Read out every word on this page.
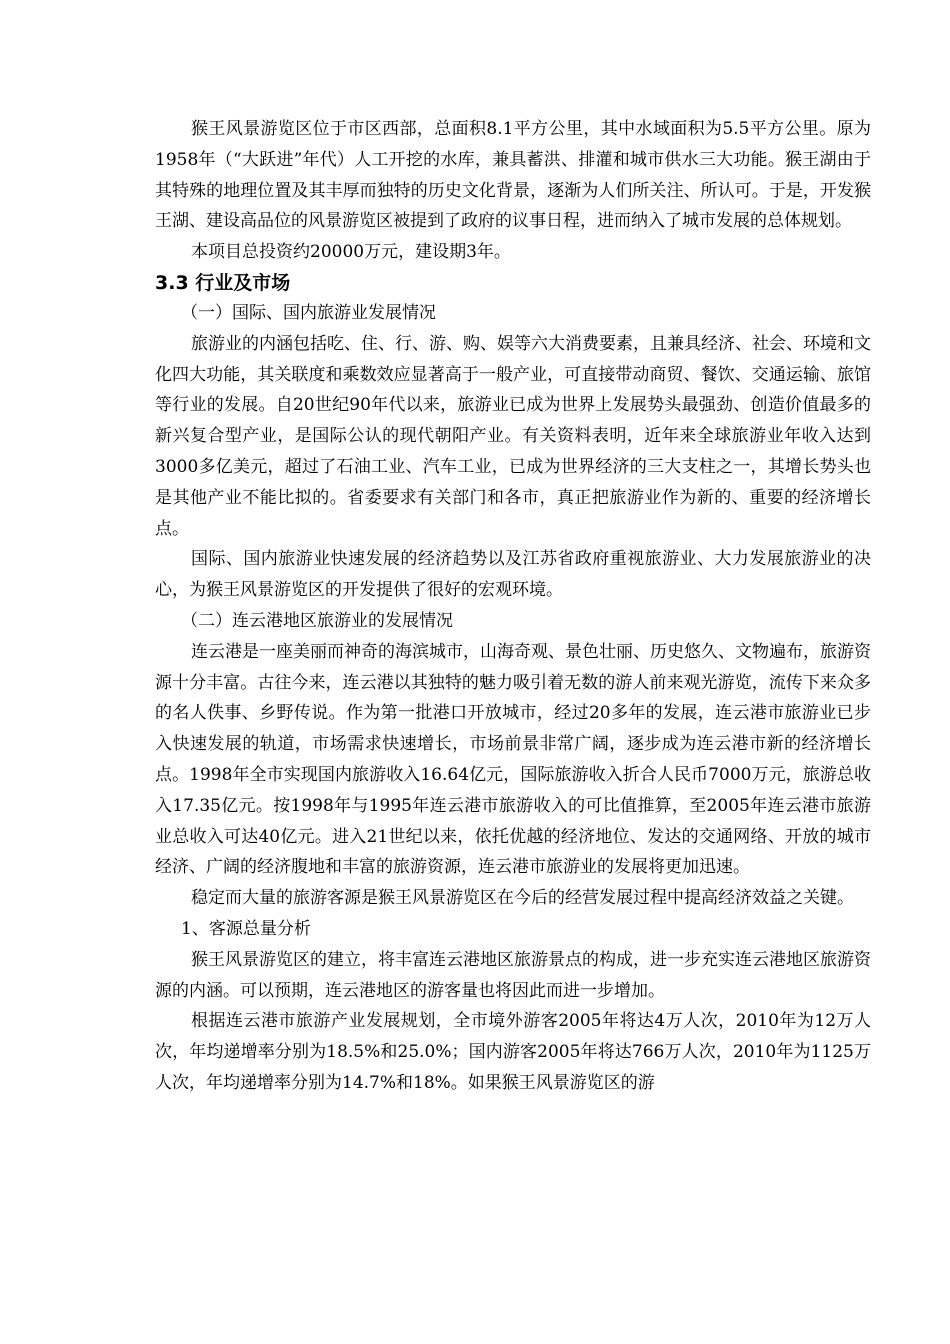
猴王风景游览区位于市区西部，总面积8.1平方公里，其中水域面积为5.5平方公里。原为1958年（“大跃进”年代）人工开挖的水库，兼具蓄洪、排灌和城市供水三大功能。猴王湖由于其特殊的地理位置及其丰厚而独特的历史文化背景，逐渐为人们所关注、所认可。于是，开发猴王湖、建设高品位的风景游览区被提到了政府的议事日程，进而纳入了城市发展的总体规划。

本项目总投资约20000万元，建设期3年。

3.3 行业及市场

（一）国际、国内旅游业发展情况

旅游业的内涵包括吃、住、行、游、购、娱等六大消费要素，且兼具经济、社会、环境和文化四大功能，其关联度和乘数效应显著高于一般产业，可直接带动商贸、餐饮、交通运输、旅馆等行业的发展。自20世纪90年代以来，旅游业已成为世界上发展势头最强劲、创造价值最多的新兴复合型产业，是国际公认的现代朝阳产业。有关资料表明，近年来全球旅游业年收入达到3000多亿美元，超过了石油工业、汽车工业，已成为世界经济的三大支柱之一，其增长势头也是其他产业不能比拟的。省委要求有关部门和各市，真正把旅游业作为新的、重要的经济增长点。

国际、国内旅游业快速发展的经济趋势以及江苏省政府重视旅游业、大力发展旅游业的决心，为猴王风景游览区的开发提供了很好的宏观环境。

（二）连云港地区旅游业的发展情况

连云港是一座美丽而神奇的海滨城市，山海奇观、景色壮丽、历史悠久、文物遍布，旅游资源十分丰富。古往今来，连云港以其独特的魅力吸引着无数的游人前来观光游览，流传下来众多的名人佚事、乡野传说。作为第一批港口开放城市，经过20多年的发展，连云港市旅游业已步入快速发展的轨道，市场需求快速增长，市场前景非常广阔，逐步成为连云港市新的经济增长点。1998年全市实现国内旅游收入16.64亿元，国际旅游收入折合人民币7000万元，旅游总收入17.35亿元。按1998年与1995年连云港市旅游收入的可比值推算，至2005年连云港市旅游业总收入可达40亿元。进入21世纪以来，依托优越的经济地位、发达的交通网络、开放的城市经济、广阔的经济腹地和丰富的旅游资源，连云港市旅游业的发展将更加迅速。

稳定而大量的旅游客源是猴王风景游览区在今后的经营发展过程中提高经济效益之关键。

1、客源总量分析

猴王风景游览区的建立，将丰富连云港地区旅游景点的构成，进一步充实连云港地区旅游资源的内涵。可以预期，连云港地区的游客量也将因此而进一步增加。

根据连云港市旅游产业发展规划，全市境外游客2005年将达4万人次，2010年为12万人次，年均递增率分别为18.5%和25.0%；国内游客2005年将达766万人次，2010年为1125万人次，年均递增率分别为14.7%和18%。如果猴王风景游览区的游
